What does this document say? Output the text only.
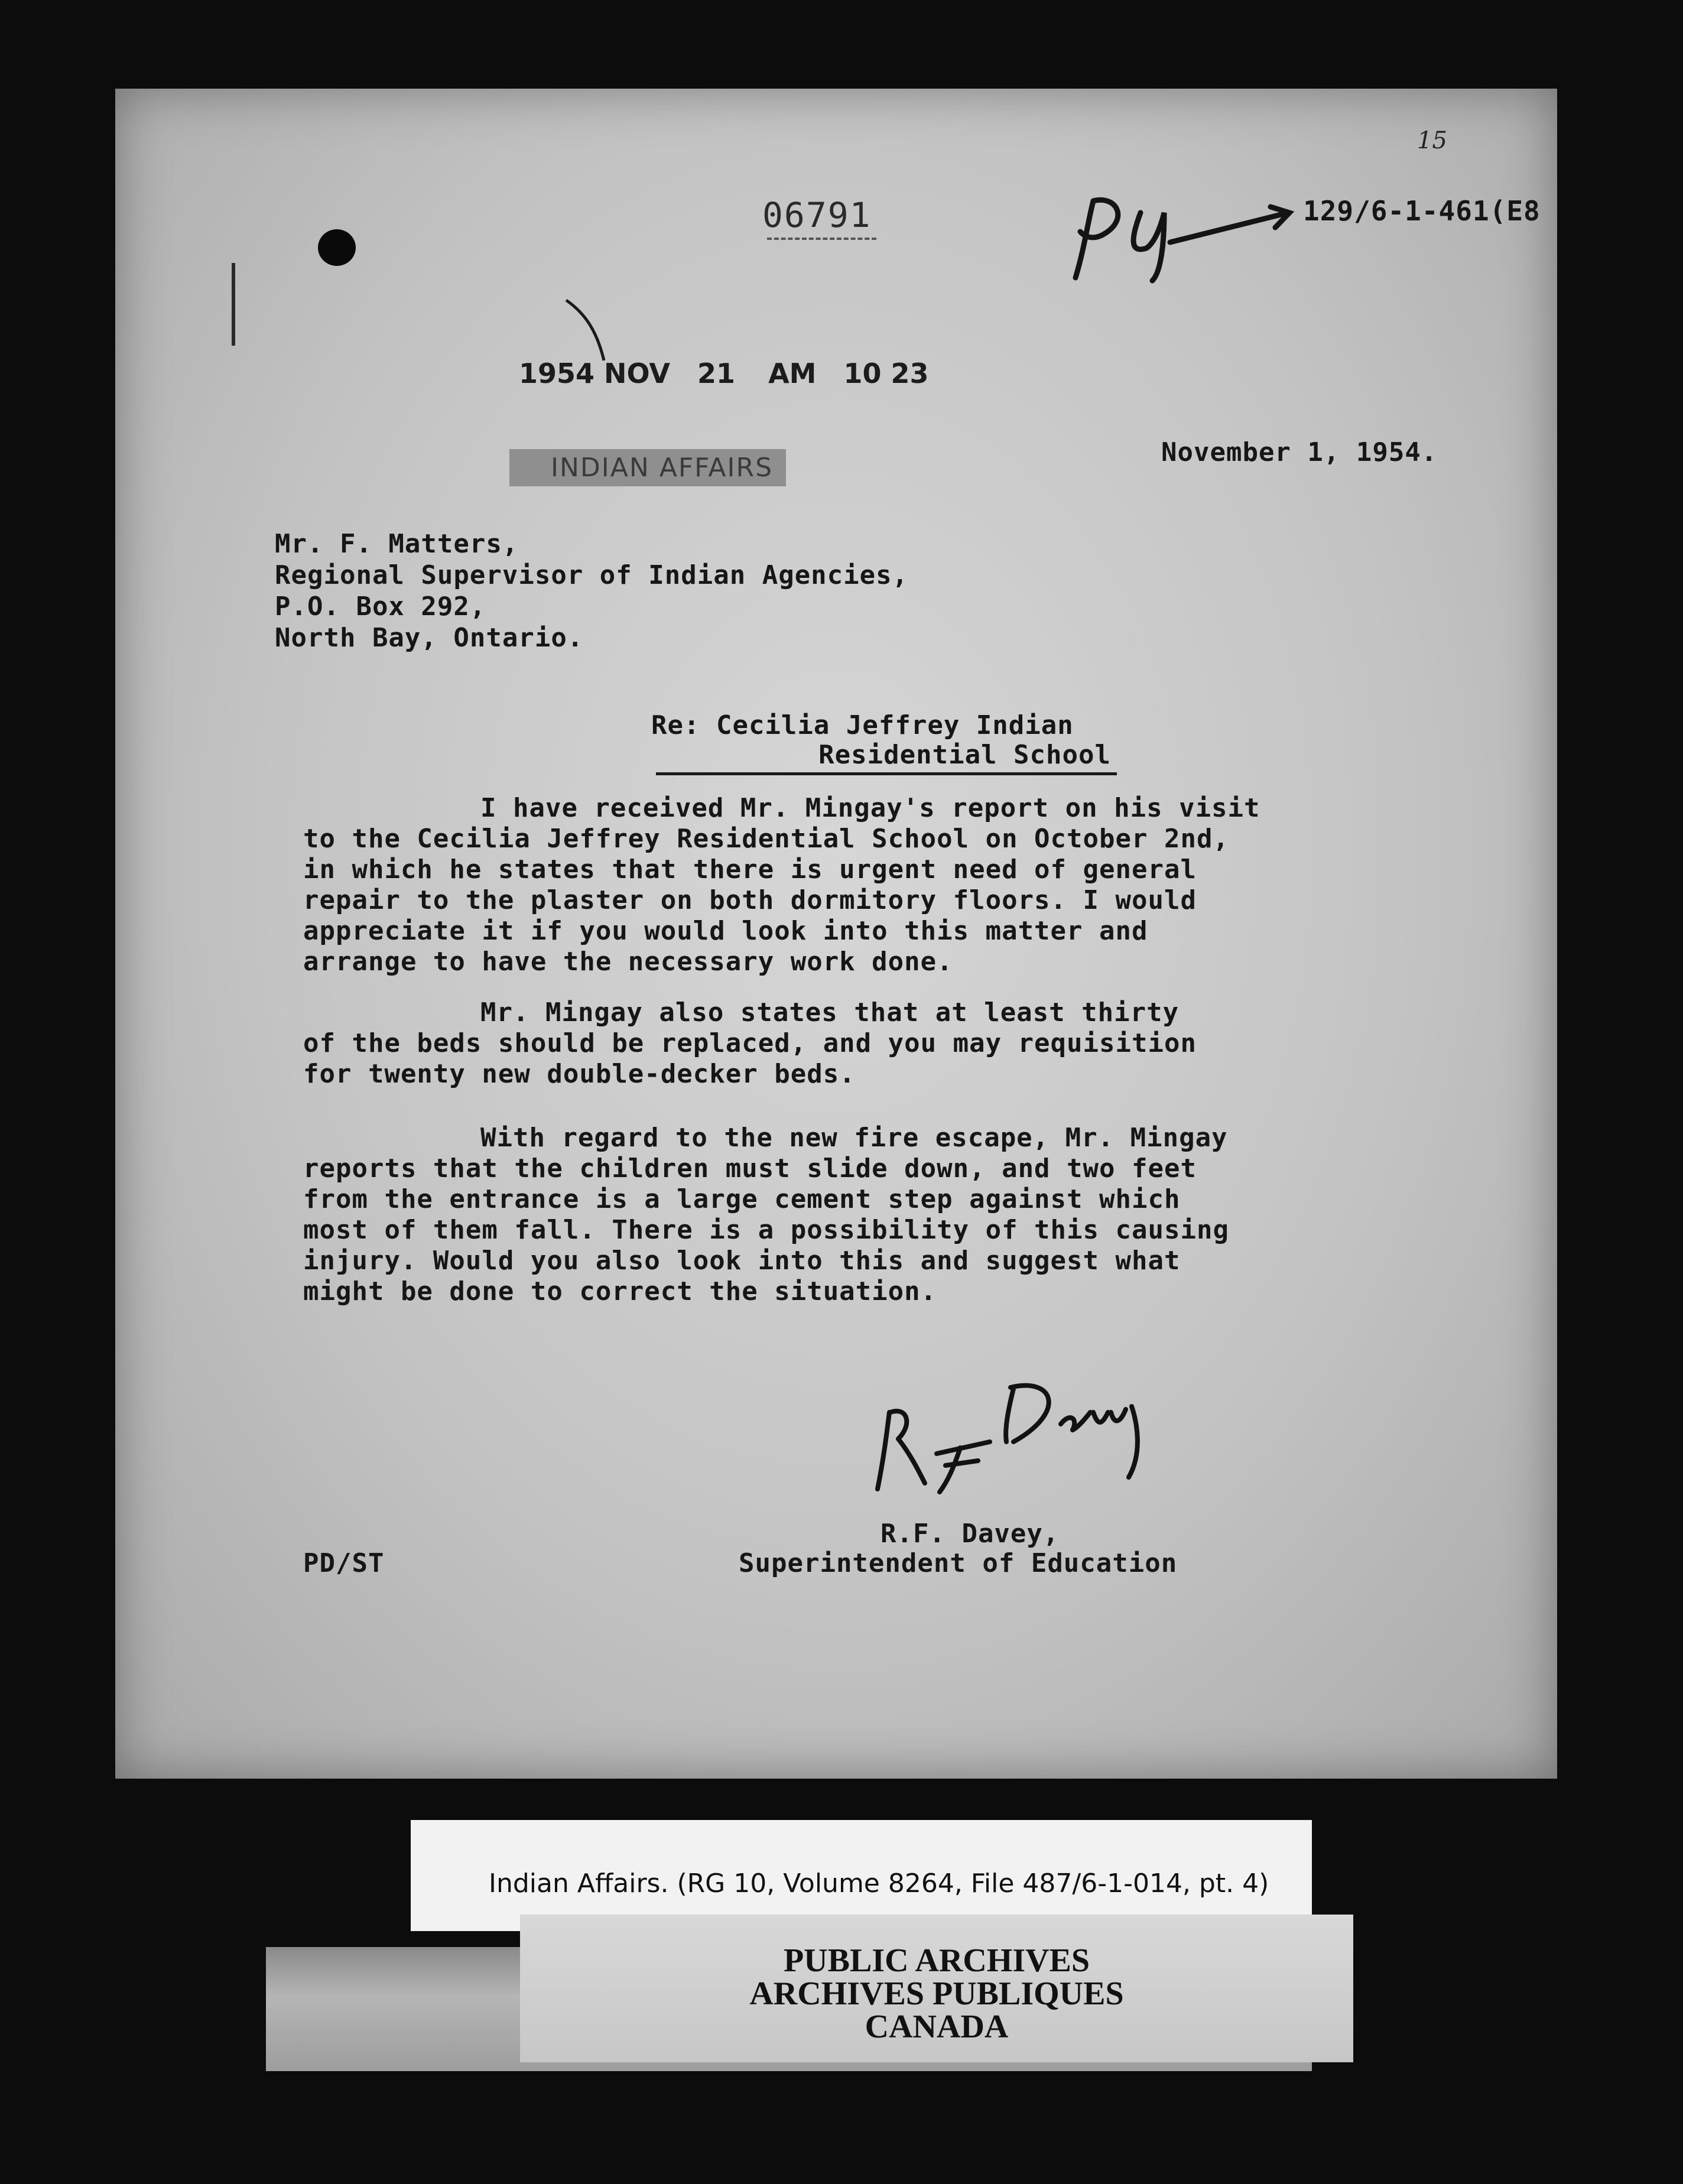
06791	129/6-1-461(E8
15
1954 NOV 21 AM 10 23
INDIAN AFFAIRS
November 1, 1954.
Mr. F. Matters,
Regional Supervisor of Indian Agencies,
P.O. Box 292,
North Bay, Ontario.
Re: Cecilia Jeffrey Indian
Residential School
I have received Mr. Mingay's report on his visit
to the Cecilia Jeffrey Residential School on October 2nd,
in which he states that there is urgent need of general
repair to the plaster on both dormitory floors. I would
appreciate it if you would look into this matter and
arrange to have the necessary work done.
Mr. Mingay also states that at least thirty
of the beds should be replaced, and you may requisition
for twenty new double-decker beds.
With regard to the new fire escape, Mr. Mingay
reports that the children must slide down, and two feet
from the entrance is a large cement step against which
most of them fall. There is a possibility of this causing
injury. Would you also look into this and suggest what
might be done to correct the situation.
R.F. Davey,
Superintendent of Education
PD/ST
Indian Affairs. (RG 10, Volume 8264, File 487/6-1-014, pt. 4)
PUBLIC ARCHIVES
ARCHIVES PUBLIQUES
CANADA
